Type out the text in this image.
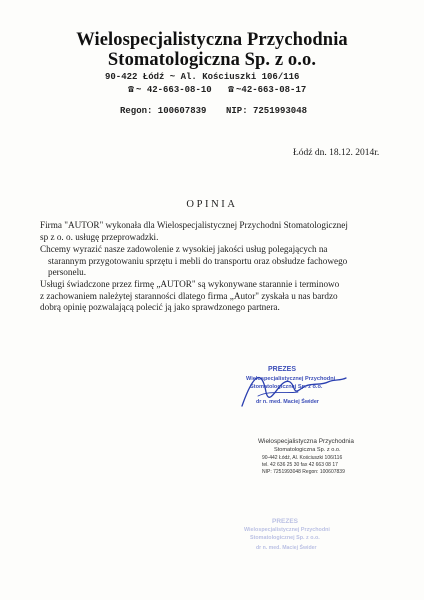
Wielospecjalistyczna Przychodnia
Stomatologiczna Sp. z o.o.
90-422 Łódź ~ Al. Kościuszki 106/116
☎ ~ 42-663-08-10 ☎ ~42-663-08-17
Regon: 100607839 NIP: 7251993048
Łódź dn. 18.12. 2014r.
OPINIA
Firma "AUTOR" wykonała dla Wielospecjalistycznej Przychodni Stomatologicznej
sp z o. o. usługę przeprowadzki.
Chcemy wyrazić nasze zadowolenie z wysokiej jakości usług polegających na
starannym przygotowaniu sprzętu i mebli do transportu oraz obsłudze fachowego
personelu.
Usługi świadczone przez firmę „AUTOR" są wykonywane starannie i terminowo
z zachowaniem należytej staranności dlatego firma „Autor" zyskała u nas bardzo
dobrą opinię pozwalającą polecić ją jako sprawdzonego partnera.
PREZES
Wielospecjalistycznej Przychodni
Stomatologicznej Sp. z o.o.
dr n. med. Maciej Świder
Wielospecjalistyczna Przychodnia
Stomatologiczna Sp. z o.o.
90-442 Łódź, Al. Kościuszki 106/116
tel. 42 636 25 30 fax 42 663 08 17
NIP: 7251993048 Regon: 100607839
PREZES
Wielospecjalistycznej Przychodni
Stomatologicznej Sp. z o.o.
dr n. med. Maciej Świder
